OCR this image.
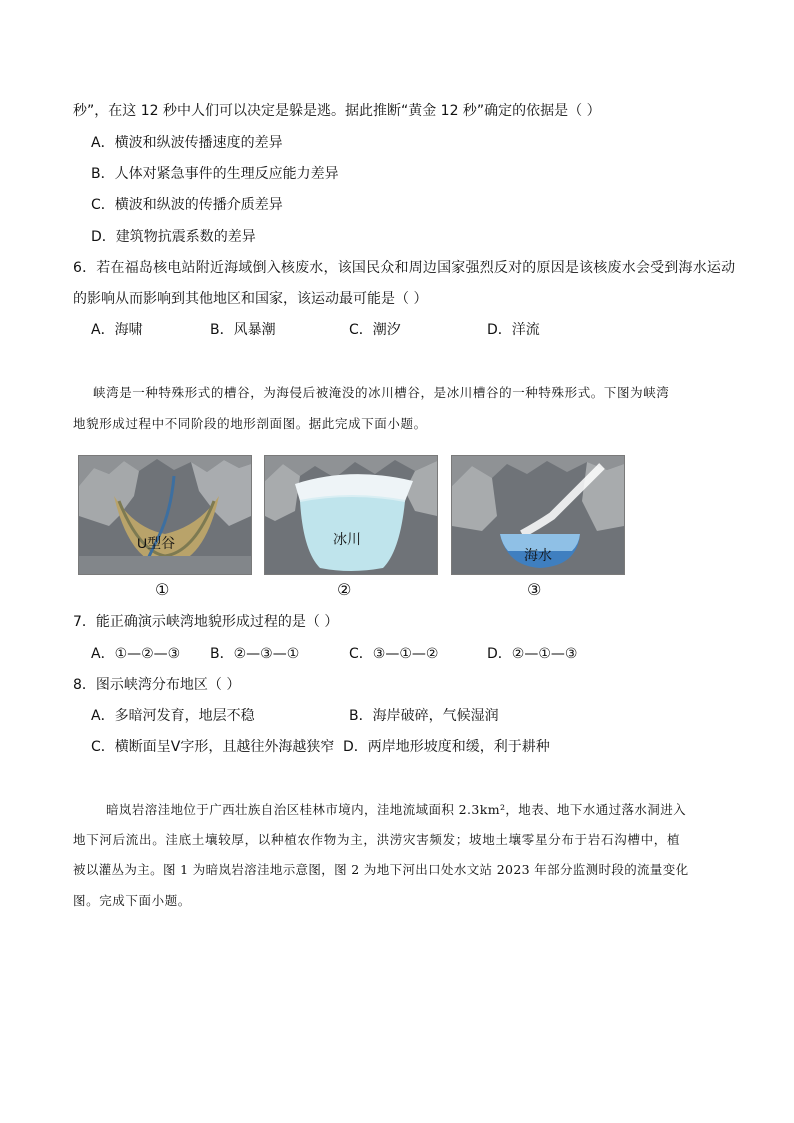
秒”，在这 12 秒中人们可以决定是躲是逃。据此推断“黄金 12 秒”确定的依据是（ ）
A．横波和纵波传播速度的差异
B．人体对紧急事件的生理反应能力差异
C．横波和纵波的传播介质差异
D．建筑物抗震系数的差异
6．若在福岛核电站附近海域倒入核废水，该国民众和周边国家强烈反对的原因是该核废水会受到海水运动
的影响从而影响到其他地区和国家，该运动最可能是（ ）
A．海啸	B．风暴潮	C．潮汐	D．洋流
峡湾是一种特殊形式的槽谷，为海侵后被淹没的冰川槽谷，是冰川槽谷的一种特殊形式。下图为峡湾
地貌形成过程中不同阶段的地形剖面图。据此完成下面小题。
U型谷	冰川
海水
①	②	③
7．能正确演示峡湾地貌形成过程的是（ ）
A．①—②—③ B．②—③—①	C．③—①—②	D．②—①—③
8．图示峡湾分布地区（ ）
A．多暗河发育，地层不稳	B．海岸破碎，气候湿润
C．横断面呈V字形，且越往外海越狭窄 D．两岸地形坡度和缓，利于耕种
暗岚岩溶洼地位于广西壮族自治区桂林市境内，洼地流域面积 2.3km²，地表、地下水通过落水洞进入
地下河后流出。洼底土壤较厚，以种植农作物为主，洪涝灾害频发；坡地土壤零星分布于岩石沟槽中，植
被以灌丛为主。图 1 为暗岚岩溶洼地示意图，图 2 为地下河出口处水文站 2023 年部分监测时段的流量变化
图。完成下面小题。
